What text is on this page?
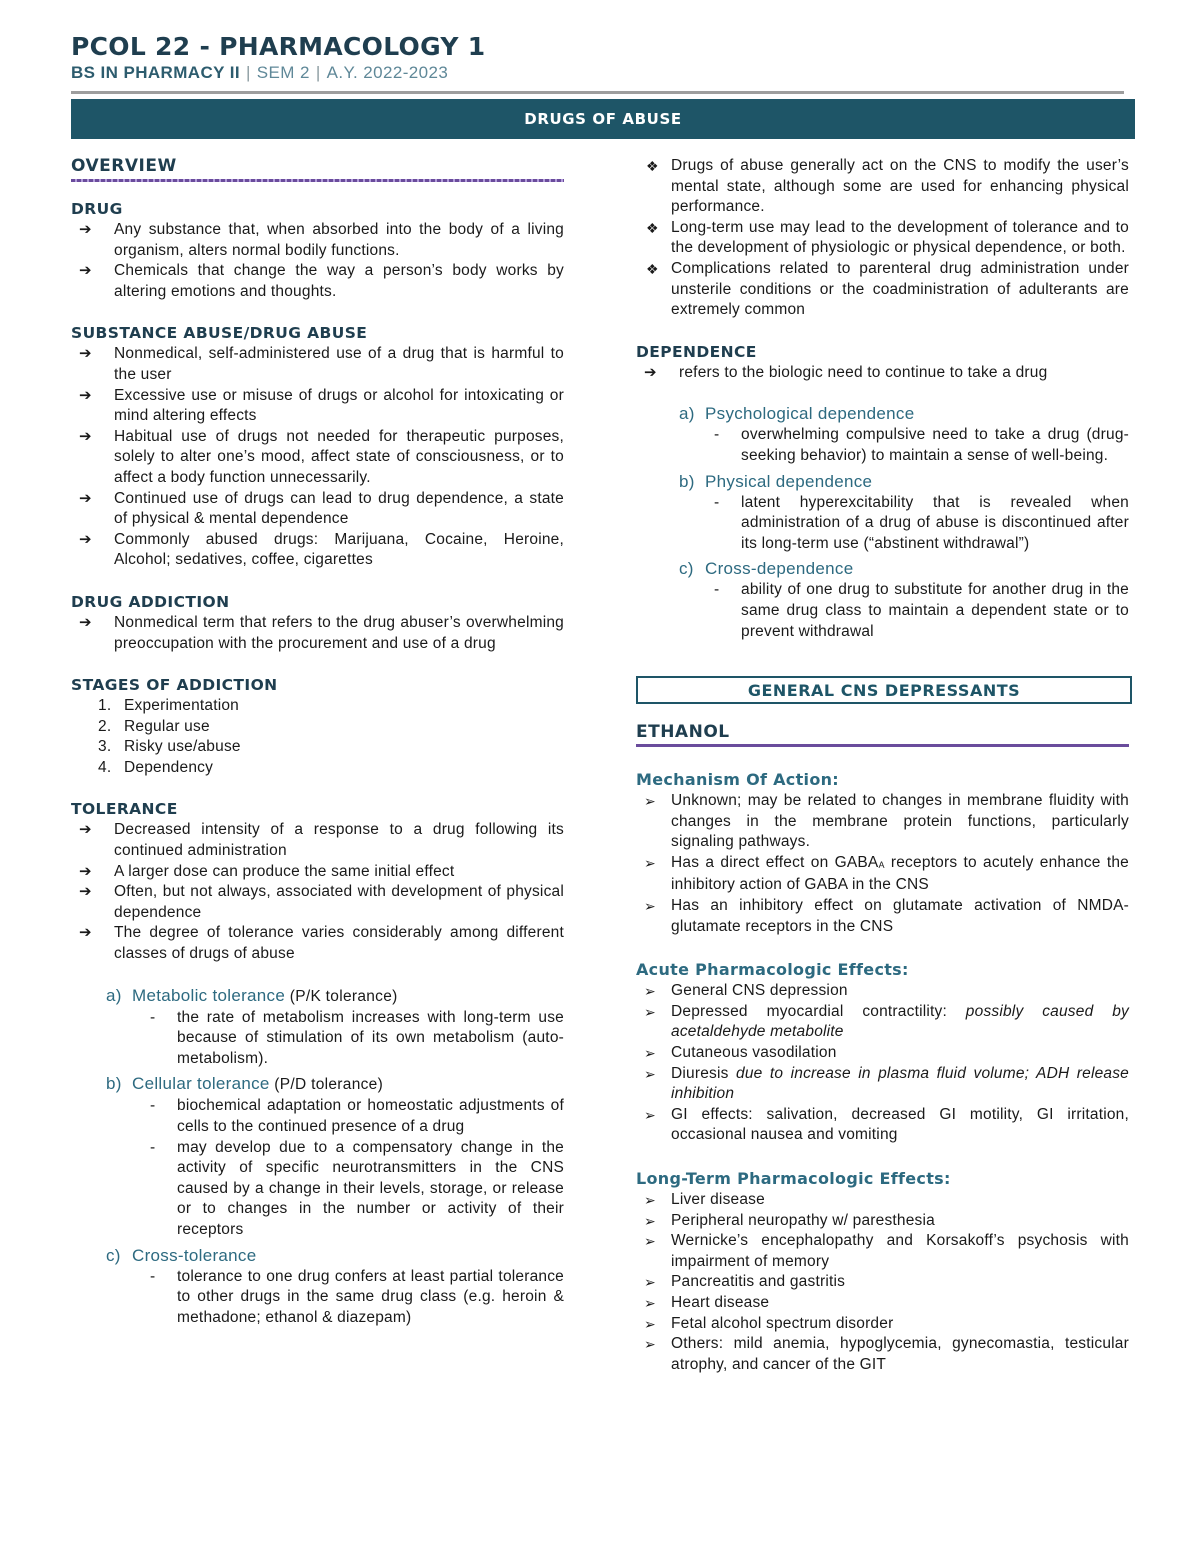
PCOL 22 - PHARMACOLOGY 1
BS IN PHARMACY II | SEM 2 | A.Y. 2022-2023
DRUGS OF ABUSE
OVERVIEW
DRUG
➔ Any substance that, when absorbed into the body of a living organism, alters normal bodily functions.
➔ Chemicals that change the way a person’s body works by altering emotions and thoughts.
SUBSTANCE ABUSE/DRUG ABUSE
➔ Nonmedical, self-administered use of a drug that is harmful to the user
➔ Excessive use or misuse of drugs or alcohol for intoxicating or mind altering effects
➔ Habitual use of drugs not needed for therapeutic purposes, solely to alter one’s mood, affect state of consciousness, or to affect a body function unnecessarily.
➔ Continued use of drugs can lead to drug dependence, a state of physical & mental dependence
➔ Commonly abused drugs: Marijuana, Cocaine, Heroine, Alcohol; sedatives, coffee, cigarettes
DRUG ADDICTION
➔ Nonmedical term that refers to the drug abuser’s overwhelming preoccupation with the procurement and use of a drug
STAGES OF ADDICTION
1. Experimentation
2. Regular use
3. Risky use/abuse
4. Dependency
TOLERANCE
➔ Decreased intensity of a response to a drug following its continued administration
➔ A larger dose can produce the same initial effect
➔ Often, but not always, associated with development of physical dependence
➔ The degree of tolerance varies considerably among different classes of drugs of abuse
a) Metabolic tolerance (P/K tolerance)
- the rate of metabolism increases with long-term use because of stimulation of its own metabolism (auto-metabolism).
b) Cellular tolerance (P/D tolerance)
- biochemical adaptation or homeostatic adjustments of cells to the continued presence of a drug
- may develop due to a compensatory change in the activity of specific neurotransmitters in the CNS caused by a change in their levels, storage, or release or to changes in the number or activity of their receptors
c) Cross-tolerance
- tolerance to one drug confers at least partial tolerance to other drugs in the same drug class (e.g. heroin & methadone; ethanol & diazepam)
❖ Drugs of abuse generally act on the CNS to modify the user’s mental state, although some are used for enhancing physical performance.
❖ Long-term use may lead to the development of tolerance and to the development of physiologic or physical dependence, or both.
❖ Complications related to parenteral drug administration under unsterile conditions or the coadministration of adulterants are extremely common
DEPENDENCE
➔ refers to the biologic need to continue to take a drug
a) Psychological dependence
- overwhelming compulsive need to take a drug (drug-seeking behavior) to maintain a sense of well-being.
b) Physical dependence
- latent hyperexcitability that is revealed when administration of a drug of abuse is discontinued after its long-term use (“abstinent withdrawal”)
c) Cross-dependence
- ability of one drug to substitute for another drug in the same drug class to maintain a dependent state or to prevent withdrawal
GENERAL CNS DEPRESSANTS
ETHANOL
Mechanism Of Action:
➢ Unknown; may be related to changes in membrane fluidity with changes in the membrane protein functions, particularly signaling pathways.
➢ Has a direct effect on $GABA_A$ receptors to acutely enhance the inhibitory action of GABA in the CNS
➢ Has an inhibitory effect on glutamate activation of NMDA-glutamate receptors in the CNS
Acute Pharmacologic Effects:
➢ General CNS depression
➢ Depressed myocardial contractility: possibly caused by acetaldehyde metabolite
➢ Cutaneous vasodilation
➢ Diuresis due to increase in plasma fluid volume; ADH release inhibition
➢ GI effects: salivation, decreased GI motility, GI irritation, occasional nausea and vomiting
Long-Term Pharmacologic Effects:
➢ Liver disease
➢ Peripheral neuropathy w/ paresthesia
➢ Wernicke’s encephalopathy and Korsakoff’s psychosis with impairment of memory
➢ Pancreatitis and gastritis
➢ Heart disease
➢ Fetal alcohol spectrum disorder
➢ Others: mild anemia, hypoglycemia, gynecomastia, testicular atrophy, and cancer of the GIT
